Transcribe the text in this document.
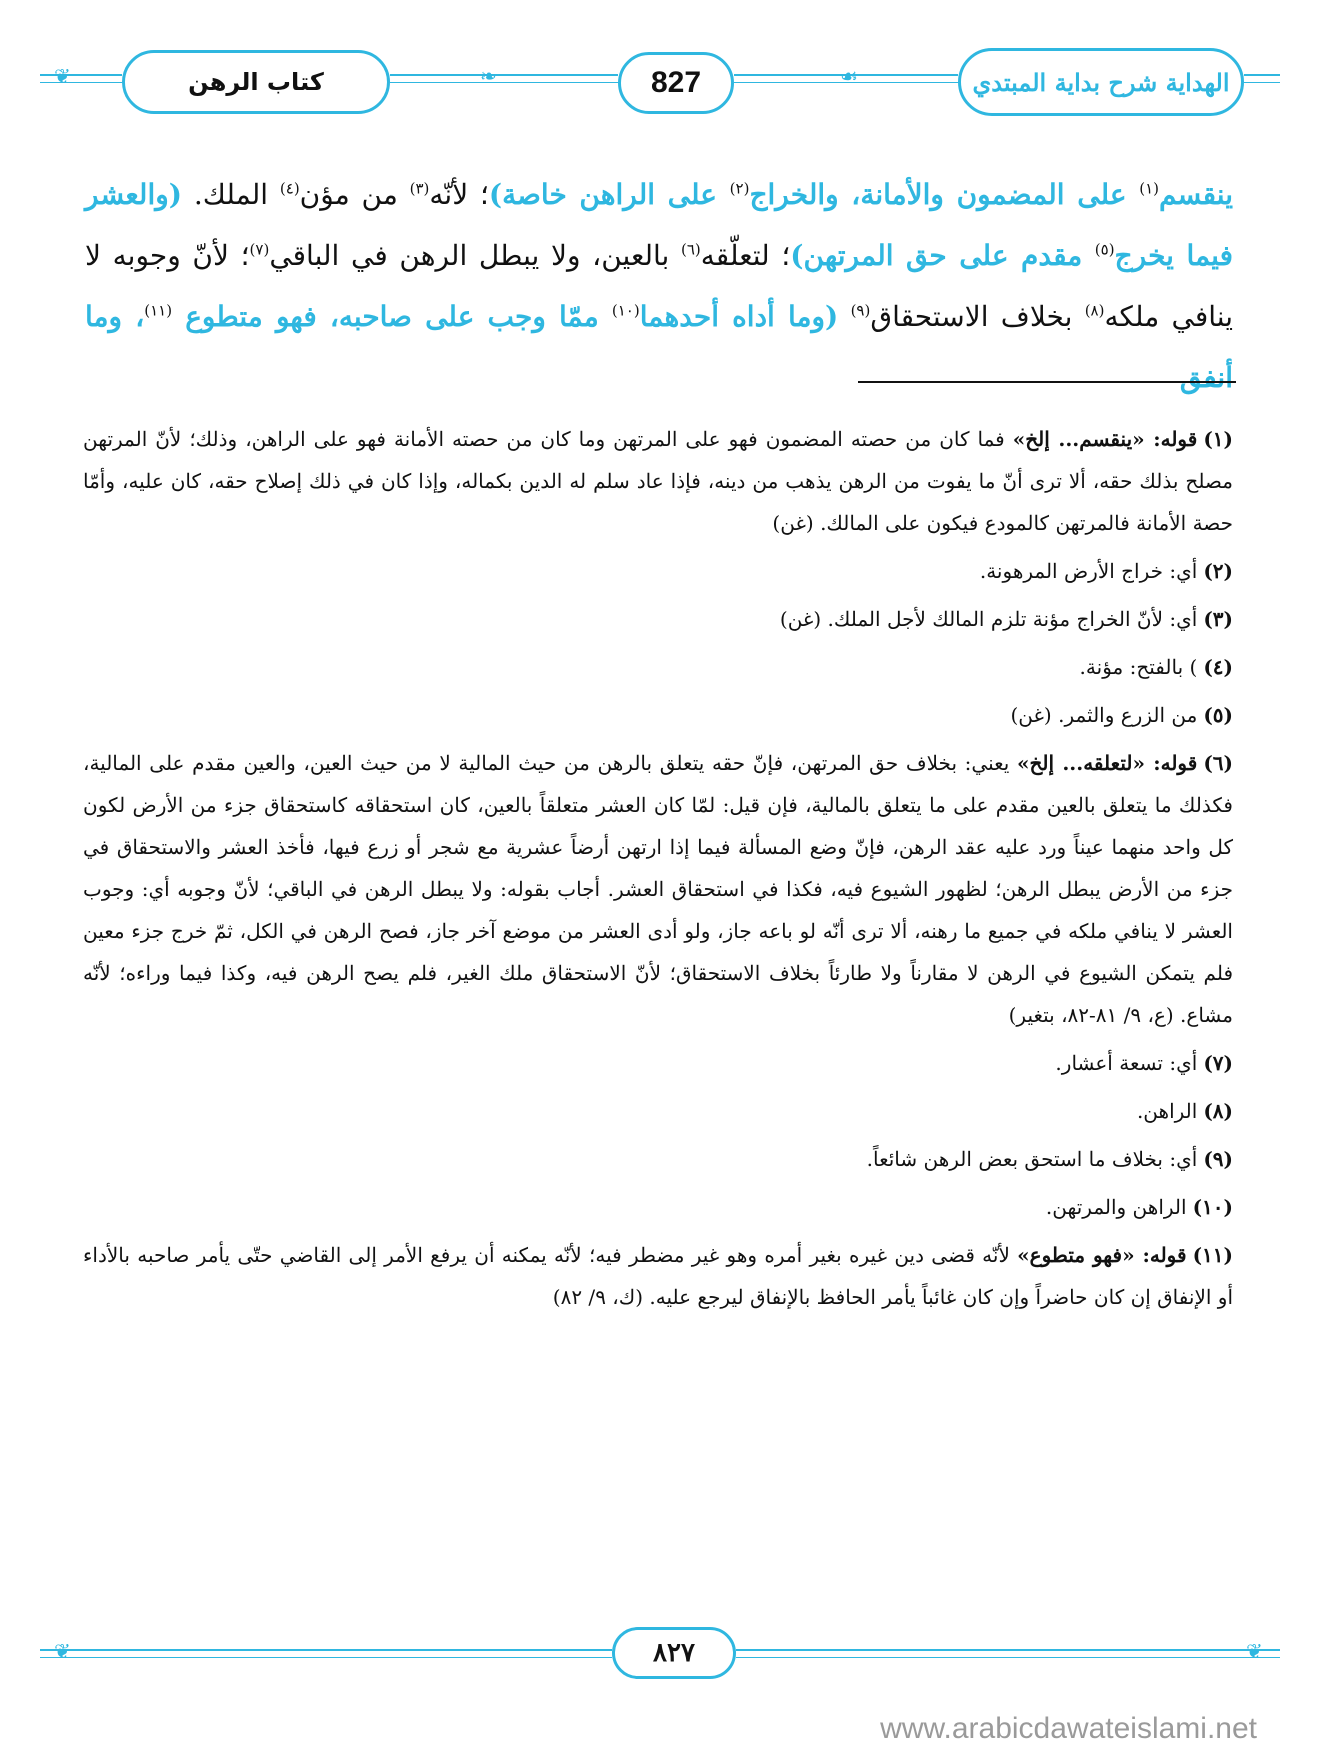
❦	❧	☙
كتاب الرهن	827	الهداية شرح بداية المبتدي
ينقسم$^{(١)}$ على المضمون والأمانة، والخراج$^{(٢)}$ على الراهن خاصة)؛ لأنّه$^{(٣)}$ من مؤن$^{(٤)}$ الملك. (والعشر فيما يخرج$^{(٥)}$ مقدم على حق المرتهن)؛ لتعلّقه$^{(٦)}$ بالعين، ولا يبطل الرهن في الباقي$^{(٧)}$؛ لأنّ وجوبه لا ينافي ملكه$^{(٨)}$ بخلاف الاستحقاق$^{(٩)}$ (وما أداه أحدهما$^{(١٠)}$ ممّا وجب على صاحبه، فهو متطوع $^{(١١)}$، وما أنفق
(١)قوله: «ينقسم... إلخ» فما كان من حصته المضمون فهو على المرتهن وما كان من حصته الأمانة فهو على الراهن، وذلك؛ لأنّ المرتهن مصلح بذلك حقه، ألا ترى أنّ ما يفوت من الرهن يذهب من دينه، فإذا عاد سلم له الدين بكماله، وإذا كان في ذلك إصلاح حقه، كان عليه، وأمّا حصة الأمانة فالمرتهن كالمودع فيكون على المالك. (غن)
(٢)أي: خراج الأرض المرهونة.
(٣)أي: لأنّ الخراج مؤنة تلزم المالك لأجل الملك. (غن)
(٤)) بالفتح: مؤنة.
(٥)من الزرع والثمر. (غن)
(٦)قوله: «لتعلقه... إلخ» يعني: بخلاف حق المرتهن، فإنّ حقه يتعلق بالرهن من حيث المالية لا من حيث العين، والعين مقدم على المالية، فكذلك ما يتعلق بالعين مقدم على ما يتعلق بالمالية، فإن قيل: لمّا كان العشر متعلقاً بالعين، كان استحقاقه كاستحقاق جزء من الأرض لكون كل واحد منهما عيناً ورد عليه عقد الرهن، فإنّ وضع المسألة فيما إذا ارتهن أرضاً عشرية مع شجر أو زرع فيها، فأخذ العشر والاستحقاق في جزء من الأرض يبطل الرهن؛ لظهور الشيوع فيه، فكذا في استحقاق العشر. أجاب بقوله: ولا يبطل الرهن في الباقي؛ لأنّ وجوبه أي: وجوب العشر لا ينافي ملكه في جميع ما رهنه، ألا ترى أنّه لو باعه جاز، ولو أدى العشر من موضع آخر جاز، فصح الرهن في الكل، ثمّ خرج جزء معين فلم يتمكن الشيوع في الرهن لا مقارناً ولا طارئاً بخلاف الاستحقاق؛ لأنّ الاستحقاق ملك الغير، فلم يصح الرهن فيه، وكذا فيما وراءه؛ لأنّه مشاع. (ع، ٩/ ٨١-٨٢، بتغير)
(٧)أي: تسعة أعشار.
(٨)الراهن.
(٩)أي: بخلاف ما استحق بعض الرهن شائعاً.
(١٠)الراهن والمرتهن.
(١١)قوله: «فهو متطوع» لأنّه قضى دين غيره بغير أمره وهو غير مضطر فيه؛ لأنّه يمكنه أن يرفع الأمر إلى القاضي حتّى يأمر صاحبه بالأداء أو الإنفاق إن كان حاضراً وإن كان غائباً يأمر الحافظ بالإنفاق ليرجع عليه. (ك، ٩/ ٨٢)
❦	❦
٨٢٧
www.arabicdawateislami.net
